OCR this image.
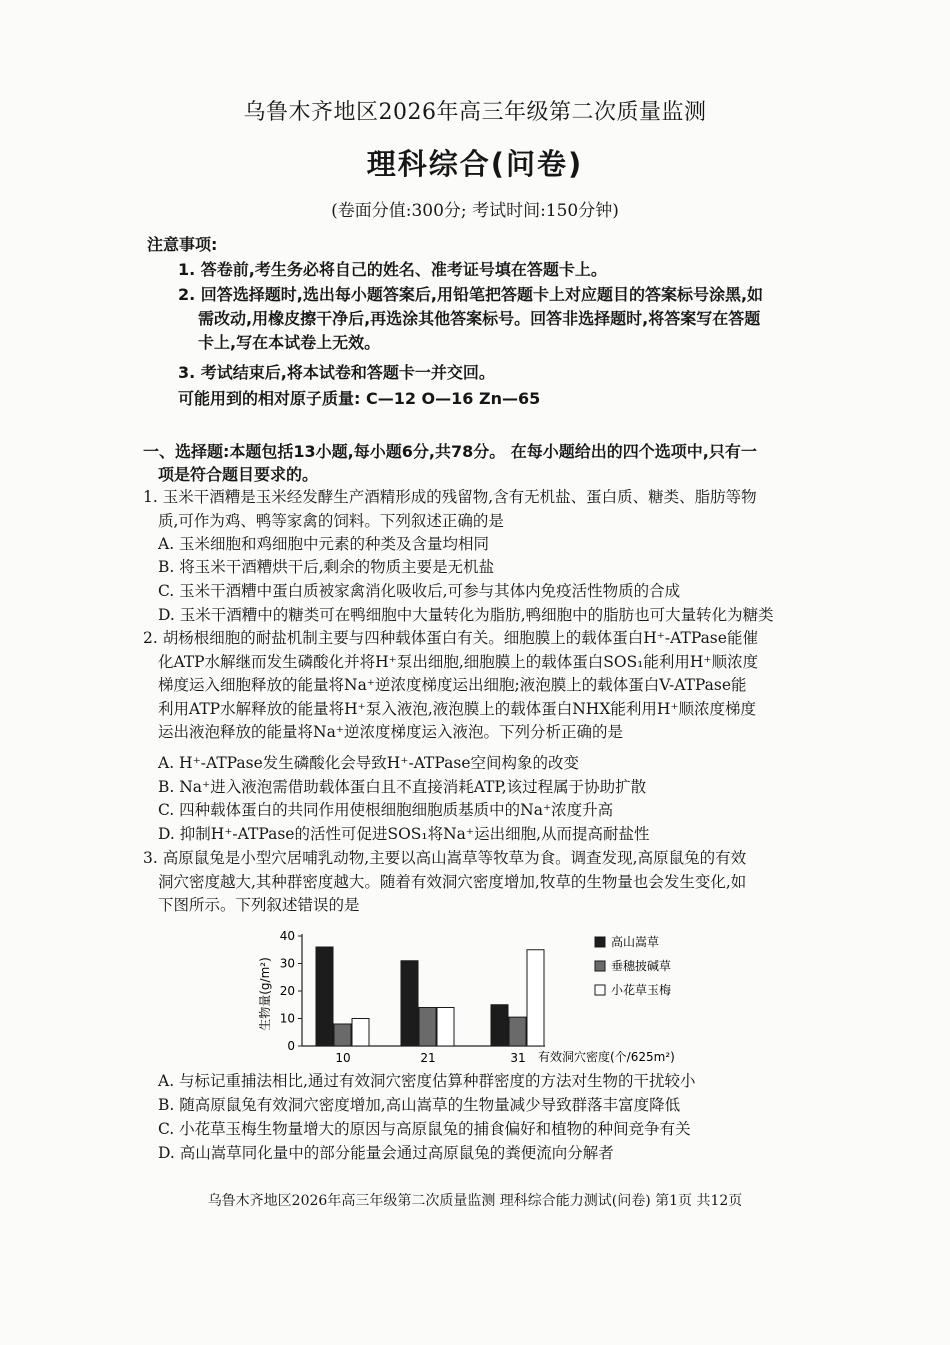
乌鲁木齐地区2026年高三年级第二次质量监测
理科综合(问卷)
(卷面分值:300分; 考试时间:150分钟)
注意事项:
1. 答卷前,考生务必将自己的姓名、准考证号填在答题卡上。
2. 回答选择题时,选出每小题答案后,用铅笔把答题卡上对应题目的答案标号涂黑,如
需改动,用橡皮擦干净后,再选涂其他答案标号。回答非选择题时,将答案写在答题
卡上,写在本试卷上无效。
3. 考试结束后,将本试卷和答题卡一并交回。
可能用到的相对原子质量: C—12 O—16 Zn—65
一、选择题:本题包括13小题,每小题6分,共78分。 在每小题给出的四个选项中,只有一
项是符合题目要求的。
1. 玉米干酒糟是玉米经发酵生产酒精形成的残留物,含有无机盐、蛋白质、糖类、脂肪等物
质,可作为鸡、鸭等家禽的饲料。下列叙述正确的是
A. 玉米细胞和鸡细胞中元素的种类及含量均相同
B. 将玉米干酒糟烘干后,剩余的物质主要是无机盐
C. 玉米干酒糟中蛋白质被家禽消化吸收后,可参与其体内免疫活性物质的合成
D. 玉米干酒糟中的糖类可在鸭细胞中大量转化为脂肪,鸭细胞中的脂肪也可大量转化为糖类
2. 胡杨根细胞的耐盐机制主要与四种载体蛋白有关。细胞膜上的载体蛋白H⁺-ATPase能催
化ATP水解继而发生磷酸化并将H⁺泵出细胞,细胞膜上的载体蛋白SOS₁能利用H⁺顺浓度
梯度运入细胞释放的能量将Na⁺逆浓度梯度运出细胞;液泡膜上的载体蛋白V-ATPase能
利用ATP水解释放的能量将H⁺泵入液泡,液泡膜上的载体蛋白NHX能利用H⁺顺浓度梯度
运出液泡释放的能量将Na⁺逆浓度梯度运入液泡。下列分析正确的是
A. H⁺-ATPase发生磷酸化会导致H⁺-ATPase空间构象的改变
B. Na⁺进入液泡需借助载体蛋白且不直接消耗ATP,该过程属于协助扩散
C. 四种载体蛋白的共同作用使根细胞细胞质基质中的Na⁺浓度升高
D. 抑制H⁺-ATPase的活性可促进SOS₁将Na⁺运出细胞,从而提高耐盐性
3. 高原鼠兔是小型穴居哺乳动物,主要以高山嵩草等牧草为食。调查发现,高原鼠兔的有效
洞穴密度越大,其种群密度越大。随着有效洞穴密度增加,牧草的生物量也会发生变化,如
下图所示。下列叙述错误的是
生物量(g/m²)
0
10
20
30
40
10	21	31 有效洞穴密度(个/625m²)
高山嵩草
垂穗披碱草
小花草玉梅
A. 与标记重捕法相比,通过有效洞穴密度估算种群密度的方法对生物的干扰较小
B. 随高原鼠兔有效洞穴密度增加,高山嵩草的生物量减少导致群落丰富度降低
C. 小花草玉梅生物量增大的原因与高原鼠兔的捕食偏好和植物的种间竞争有关
D. 高山嵩草同化量中的部分能量会通过高原鼠兔的粪便流向分解者
乌鲁木齐地区2026年高三年级第二次质量监测 理科综合能力测试(问卷) 第1页 共12页
